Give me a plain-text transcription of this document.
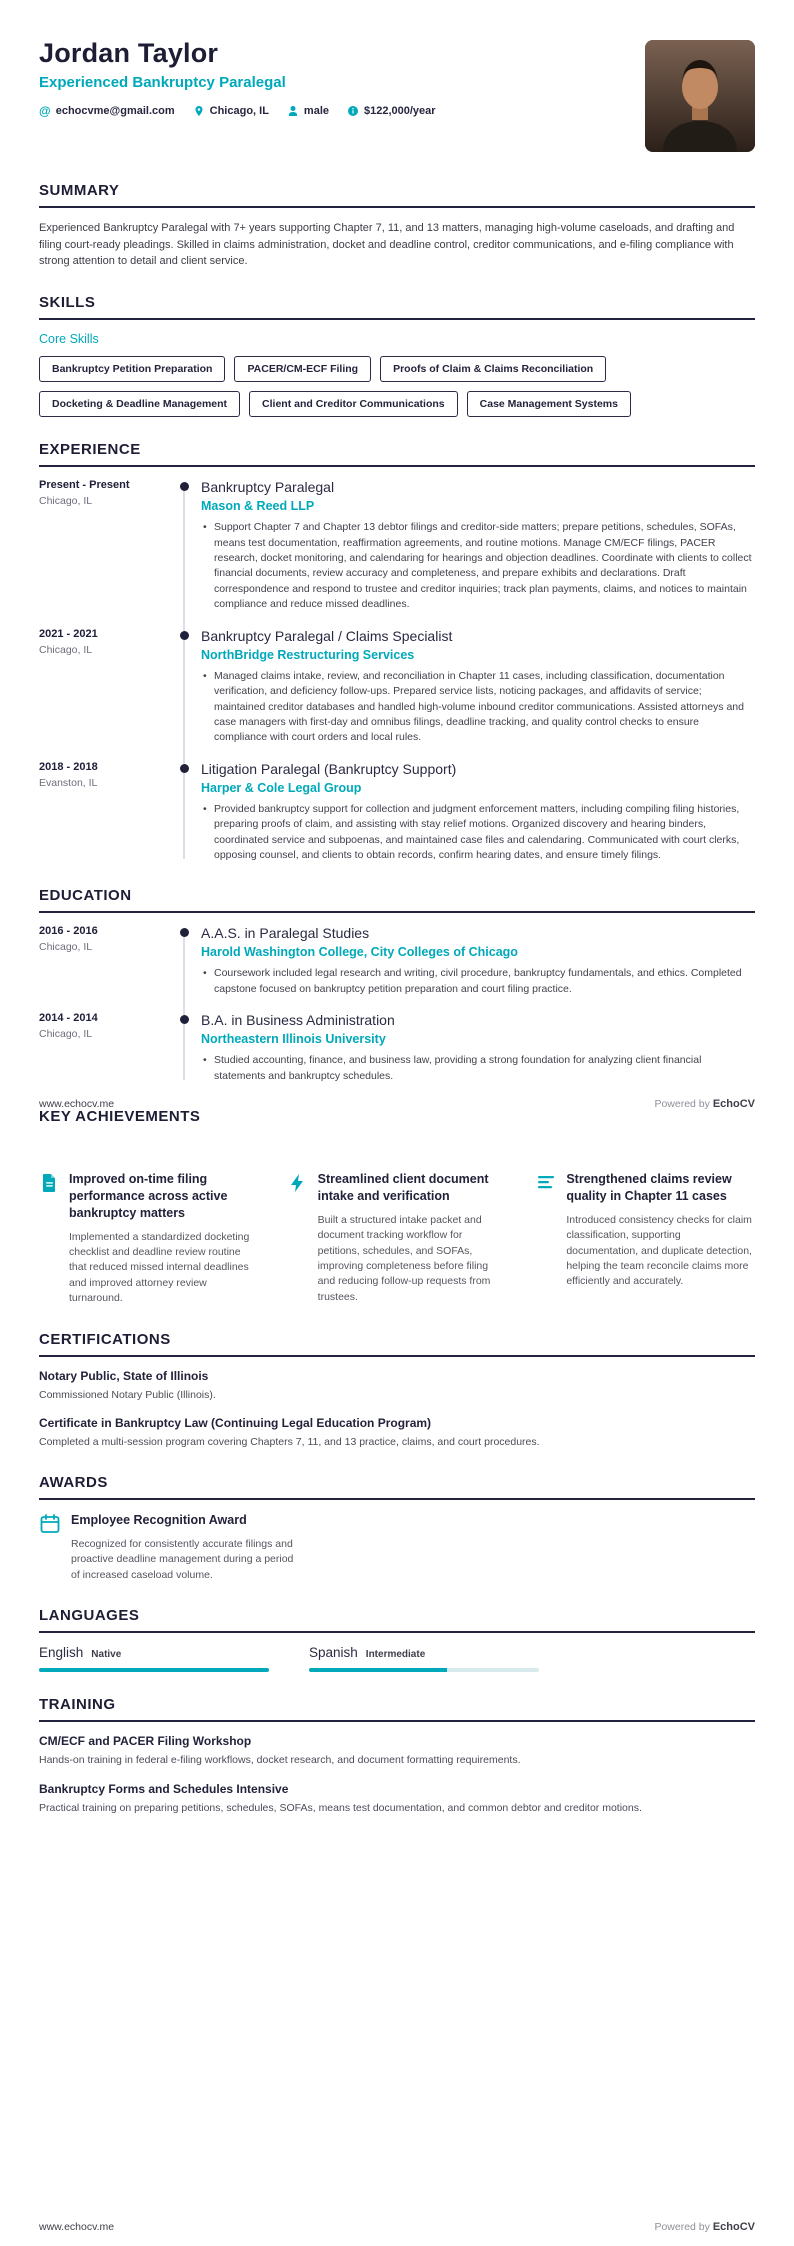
Jordan Taylor
Experienced Bankruptcy Paralegal
@ echocvme@gmail.com	Chicago, IL	male	$122,000/year
SUMMARY

Experienced Bankruptcy Paralegal with 7+ years supporting Chapter 7, 11, and 13 matters, managing high-volume caseloads, and drafting and filing court-ready pleadings. Skilled in claims administration, docket and deadline control, creditor communications, and e-filing compliance with strong attention to detail and client service.

SKILLS
Core Skills
Bankruptcy Petition Preparation	PACER/CM-ECF Filing	Proofs of Claim & Claims Reconciliation
Docketing & Deadline Management	Client and Creditor Communications	Case Management Systems
EXPERIENCE
Present - Present
Chicago, IL
Bankruptcy Paralegal
Mason & Reed LLP
• Support Chapter 7 and Chapter 13 debtor filings and creditor-side matters; prepare petitions, schedules, SOFAs, means test documentation, reaffirmation agreements, and routine motions. Manage CM/ECF filings, PACER research, docket monitoring, and calendaring for hearings and objection deadlines. Coordinate with clients to collect financial documents, review accuracy and completeness, and prepare exhibits and declarations. Draft correspondence and respond to trustee and creditor inquiries; track plan payments, claims, and notices to maintain compliance and reduce missed deadlines.
2021 - 2021
Chicago, IL
Bankruptcy Paralegal / Claims Specialist
NorthBridge Restructuring Services
• Managed claims intake, review, and reconciliation in Chapter 11 cases, including classification, documentation verification, and deficiency follow-ups. Prepared service lists, noticing packages, and affidavits of service; maintained creditor databases and handled high-volume inbound creditor communications. Assisted attorneys and case managers with first-day and omnibus filings, deadline tracking, and quality control checks to ensure compliance with court orders and local rules.
2018 - 2018
Evanston, IL
Litigation Paralegal (Bankruptcy Support)
Harper & Cole Legal Group
• Provided bankruptcy support for collection and judgment enforcement matters, including compiling filing histories, preparing proofs of claim, and assisting with stay relief motions. Organized discovery and hearing binders, coordinated service and subpoenas, and maintained case files and calendaring. Communicated with court clerks, opposing counsel, and clients to obtain records, confirm hearing dates, and ensure timely filings.
EDUCATION
2016 - 2016
Chicago, IL
A.A.S. in Paralegal Studies
Harold Washington College, City Colleges of Chicago
• Coursework included legal research and writing, civil procedure, bankruptcy fundamentals, and ethics. Completed capstone focused on bankruptcy petition preparation and court filing practice.
2014 - 2014
Chicago, IL
B.A. in Business Administration
Northeastern Illinois University
• Studied accounting, finance, and business law, providing a strong foundation for analyzing client financial statements and bankruptcy schedules.
KEY ACHIEVEMENTS
www.echocv.me	Powered by EchoCV
Improved on-time filing performance across active bankruptcy matters
Implemented a standardized docketing checklist and deadline review routine that reduced missed internal deadlines and improved attorney review turnaround.
Streamlined client document intake and verification
Built a structured intake packet and document tracking workflow for petitions, schedules, and SOFAs, improving completeness before filing and reducing follow-up requests from trustees.
Strengthened claims review quality in Chapter 11 cases
Introduced consistency checks for claim classification, supporting documentation, and duplicate detection, helping the team reconcile claims more efficiently and accurately.
CERTIFICATIONS
Notary Public, State of Illinois
Commissioned Notary Public (Illinois).
Certificate in Bankruptcy Law (Continuing Legal Education Program)
Completed a multi-session program covering Chapters 7, 11, and 13 practice, claims, and court procedures.
AWARDS
Employee Recognition Award
Recognized for consistently accurate filings and proactive deadline management during a period of increased caseload volume.
LANGUAGES
English Native	Spanish Intermediate
TRAINING
CM/ECF and PACER Filing Workshop
Hands-on training in federal e-filing workflows, docket research, and document formatting requirements.
Bankruptcy Forms and Schedules Intensive
Practical training on preparing petitions, schedules, SOFAs, means test documentation, and common debtor and creditor motions.
www.echocv.me	Powered by EchoCV
